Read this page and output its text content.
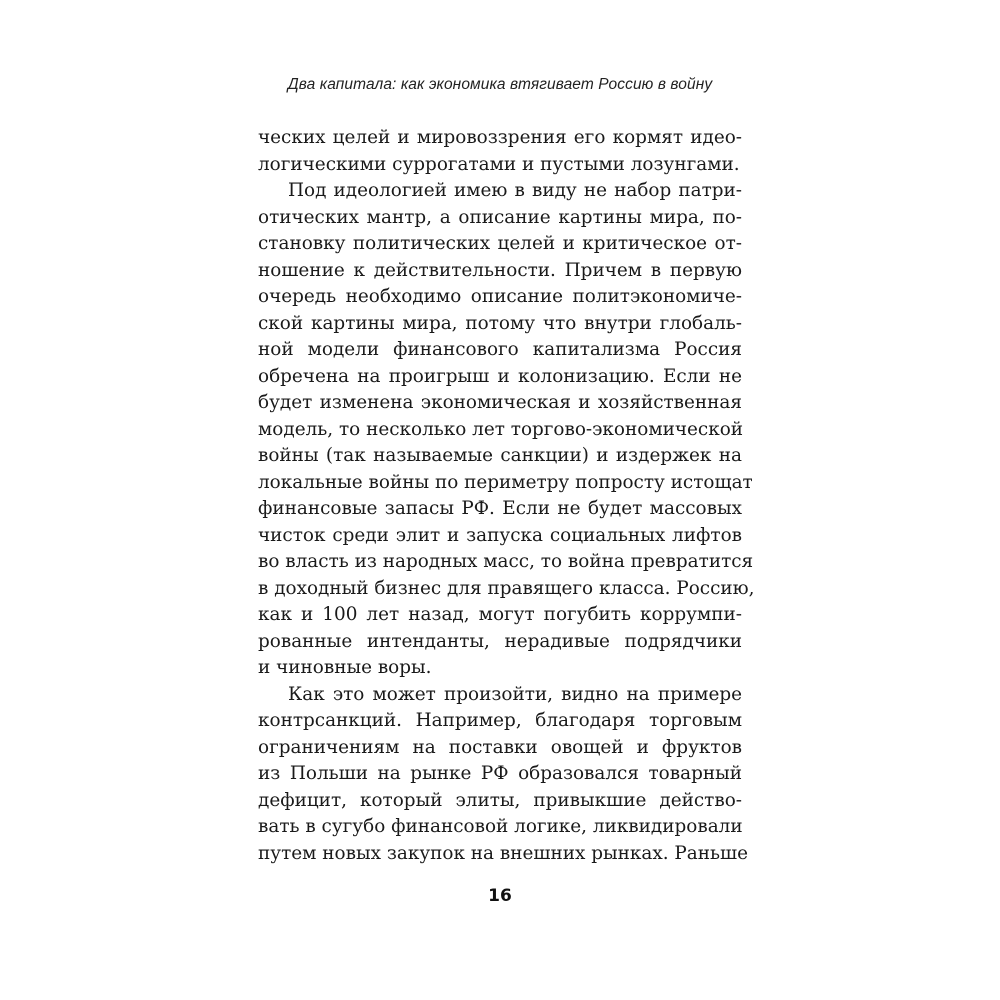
Два капитала: как экономика втягивает Россию в войну
ческих целей и мировоззрения его кормят идео-
логическими суррогатами и пустыми лозунгами.
Под идеологией имею в виду не набор патри-
отических мантр, а описание картины мира, по-
становку политических целей и критическое от-
ношение к действительности. Причем в первую
очередь необходимо описание политэкономиче-
ской картины мира, потому что внутри глобаль-
ной модели финансового капитализма Россия
обречена на проигрыш и колонизацию. Если не
будет изменена экономическая и хозяйственная
модель, то несколько лет торгово-экономической
войны (так называемые санкции) и издержек на
локальные войны по периметру попросту истощат
финансовые запасы РФ. Если не будет массовых
чисток среди элит и запуска социальных лифтов
во власть из народных масс, то война превратится
в доходный бизнес для правящего класса. Россию,
как и 100 лет назад, могут погубить коррумпи-
рованные интенданты, нерадивые подрядчики
и чиновные воры.
Как это может произойти, видно на примере
контрсанкций. Например, благодаря торговым
ограничениям на поставки овощей и фруктов
из Польши на рынке РФ образовался товарный
дефицит, который элиты, привыкшие действо-
вать в сугубо финансовой логике, ликвидировали
путем новых закупок на внешних рынках. Раньше
16
